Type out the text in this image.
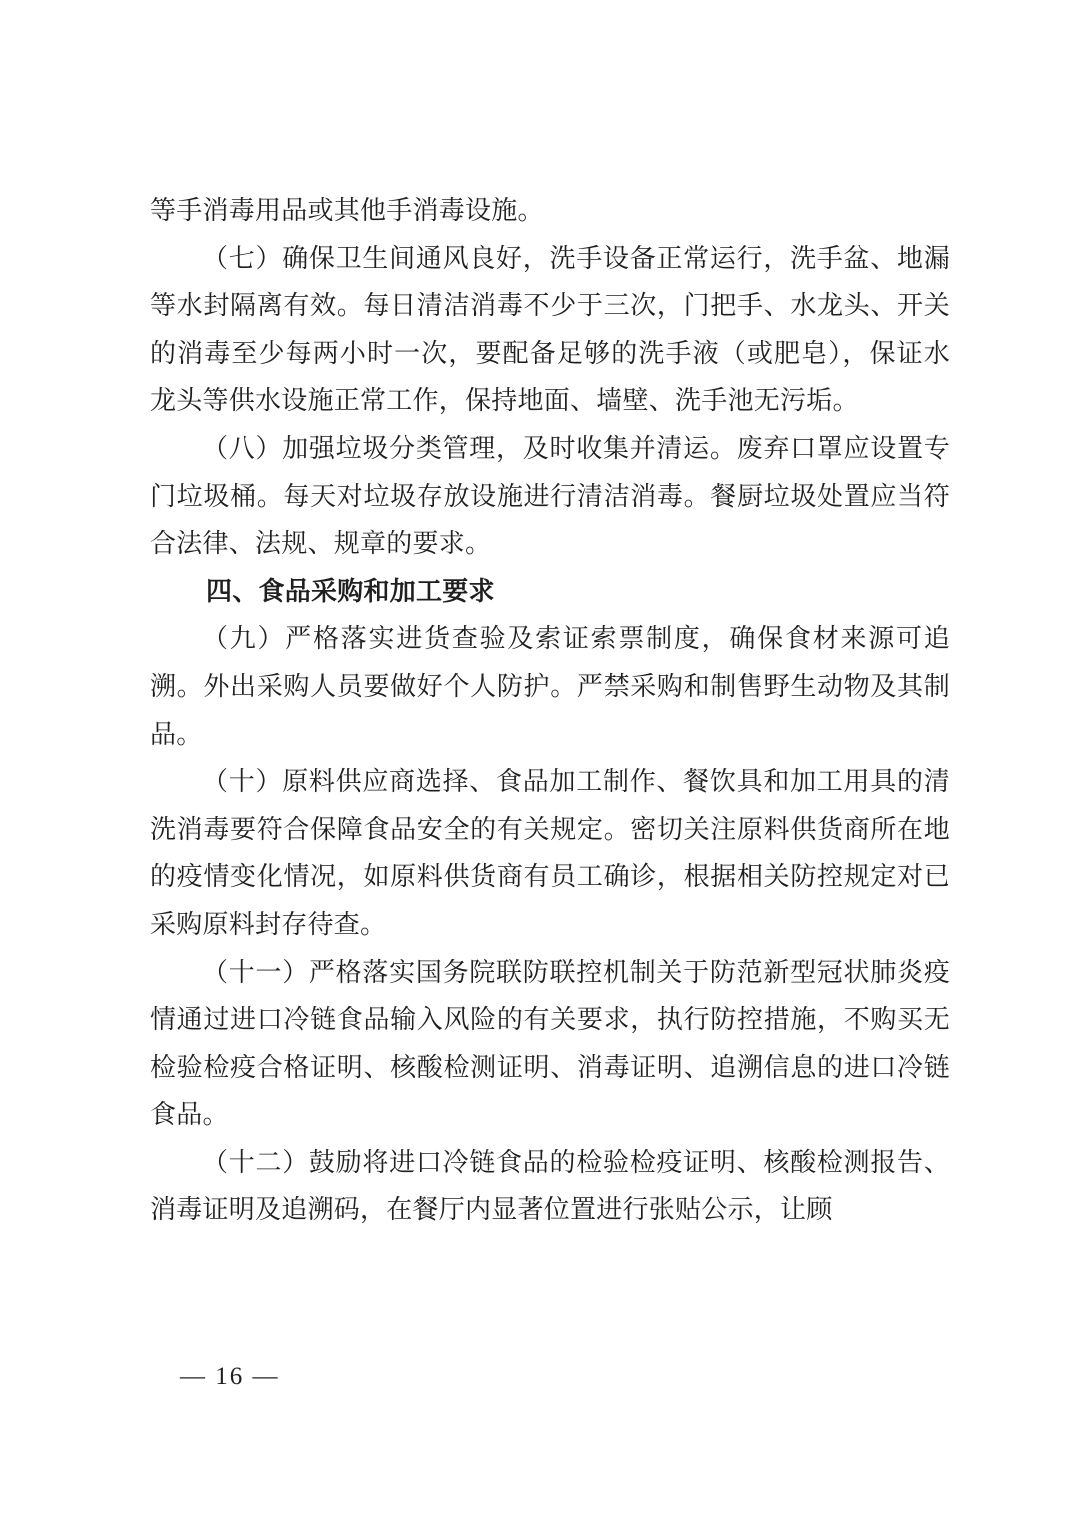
等手消毒用品或其他手消毒设施。

（七）确保卫生间通风良好，洗手设备正常运行，洗手盆、地漏等水封隔离有效。每日清洁消毒不少于三次，门把手、水龙头、开关的消毒至少每两小时一次，要配备足够的洗手液（或肥皂），保证水龙头等供水设施正常工作，保持地面、墙壁、洗手池无污垢。

（八）加强垃圾分类管理，及时收集并清运。废弃口罩应设置专门垃圾桶。每天对垃圾存放设施进行清洁消毒。餐厨垃圾处置应当符合法律、法规、规章的要求。

四、食品采购和加工要求

（九）严格落实进货查验及索证索票制度，确保食材来源可追溯。外出采购人员要做好个人防护。严禁采购和制售野生动物及其制品。

（十）原料供应商选择、食品加工制作、餐饮具和加工用具的清洗消毒要符合保障食品安全的有关规定。密切关注原料供货商所在地的疫情变化情况，如原料供货商有员工确诊，根据相关防控规定对已采购原料封存待查。

（十一）严格落实国务院联防联控机制关于防范新型冠状肺炎疫情通过进口冷链食品输入风险的有关要求，执行防控措施，不购买无检验检疫合格证明、核酸检测证明、消毒证明、追溯信息的进口冷链食品。

（十二）鼓励将进口冷链食品的检验检疫证明、核酸检测报告、消毒证明及追溯码，在餐厅内显著位置进行张贴公示，让顾

— 16 —
